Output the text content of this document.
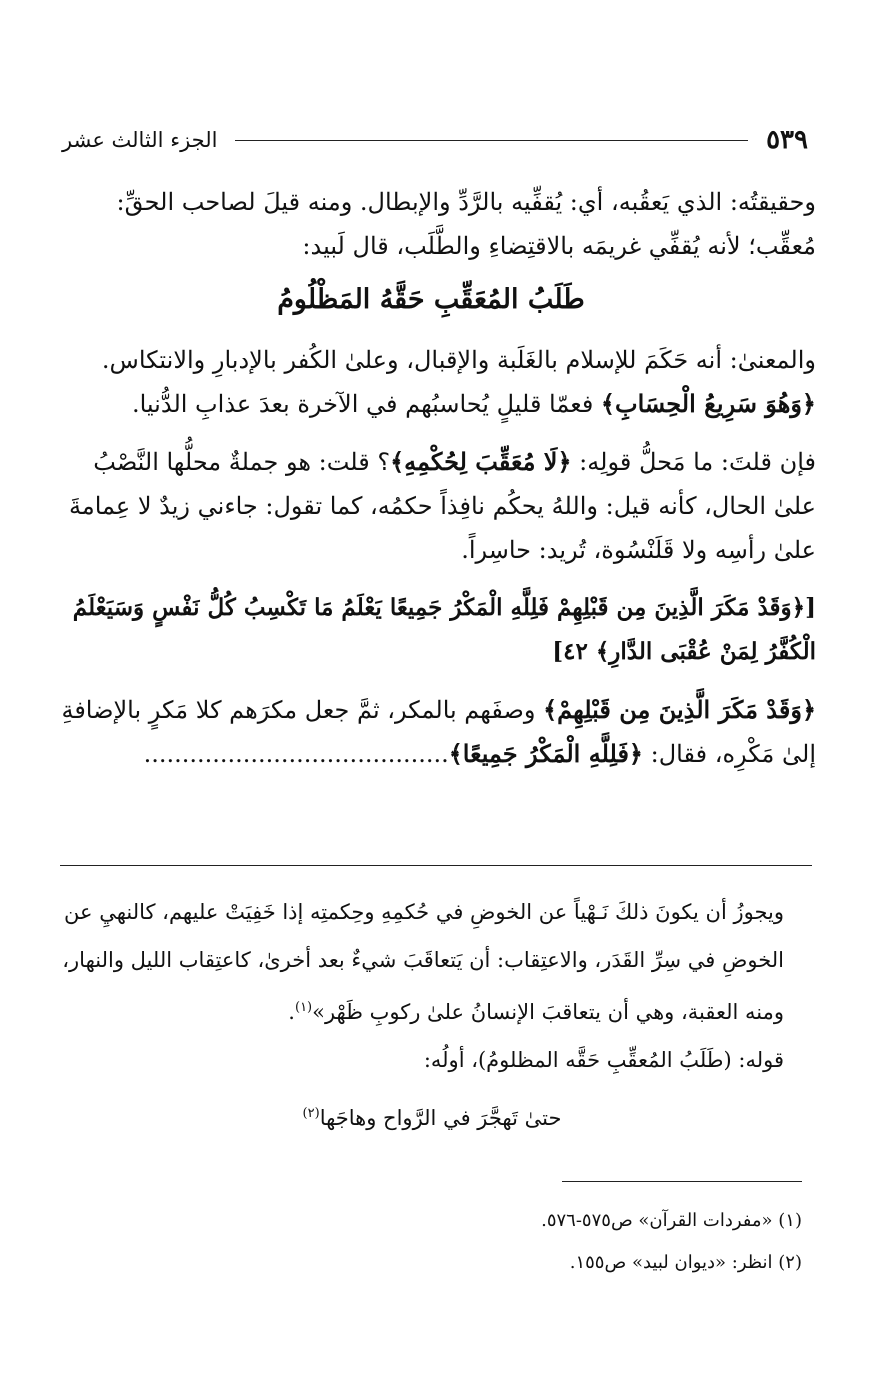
٥٣٩
الجزء الثالث عشر

وحقيقتُه: الذي يَعقُبه، أي: يُقفِّيه بالرَّدِّ والإبطال. ومنه قيلَ لصاحب الحقِّ: مُعقِّب؛ لأنه يُقفِّي غريمَه بالاقتِضاءِ والطَّلَب، قال لَبيد:

طَلَبُ المُعَقِّبِ حَقَّهُ المَظْلُومُ

والمعنىٰ: أنه حَكَمَ للإسلام بالغَلَبة والإقبال، وعلىٰ الكُفر بالإدبارِ والانتكاس.

﴿وَهُوَ سَرِيعُ الْحِسَابِ﴾ فعمّا قليلٍ يُحاسبُهم في الآخرة بعدَ عذابِ الدُّنيا.

فإن قلتَ: ما مَحلُّ قولِه: ﴿لَا مُعَقِّبَ لِحُكْمِهِ﴾؟ قلت: هو جملةٌ محلُّها النَّصْبُ علىٰ الحال، كأنه قيل: واللهُ يحكُم نافِذاً حكمُه، كما تقول: جاءني زيدٌ لا عِمامةَ علىٰ رأسِه ولا قَلَنْسُوة، تُريد: حاسِراً.

[﴿وَقَدْ مَكَرَ الَّذِينَ مِن قَبْلِهِمْ فَلِلَّهِ الْمَكْرُ جَمِيعًا يَعْلَمُ مَا تَكْسِبُ كُلُّ نَفْسٍ وَسَيَعْلَمُ الْكُفَّرُ لِمَنْ عُقْبَى الدَّارِ﴾ ٤٢]

﴿وَقَدْ مَكَرَ الَّذِينَ مِن قَبْلِهِمْ﴾ وصفَهم بالمكر، ثمَّ جعل مكرَهم كلا مَكرٍ بالإضافةِ إلىٰ مَكْرِه، فقال: ﴿فَلِلَّهِ الْمَكْرُ جَمِيعًا﴾........................................

ويجوزُ أن يكونَ ذلكَ نَـهْياً عن الخوضِ في حُكمِهِ وحِكمتِه إذا خَفِيَتْ عليهم، كالنهيِ عن الخوضِ في سِرِّ القَدَر، والاعتِقاب: أن يَتعاقَبَ شيءٌ بعد أخرىٰ، كاعتِقاب الليل والنهار، ومنه العقبة، وهي أن يتعاقبَ الإنسانُ علىٰ ركوبِ ظَهْر»$^{(١)}$.

قوله: (طَلَبُ المُعقِّبِ حَقَّه المظلومُ)، أولُه:

حتىٰ تَهجَّرَ في الرَّواح وهاجَها$^{(٢)}$

(١) «مفردات القرآن» ص٥٧٥-٥٧٦.

(٢) انظر: «ديوان لبيد» ص١٥٥.
